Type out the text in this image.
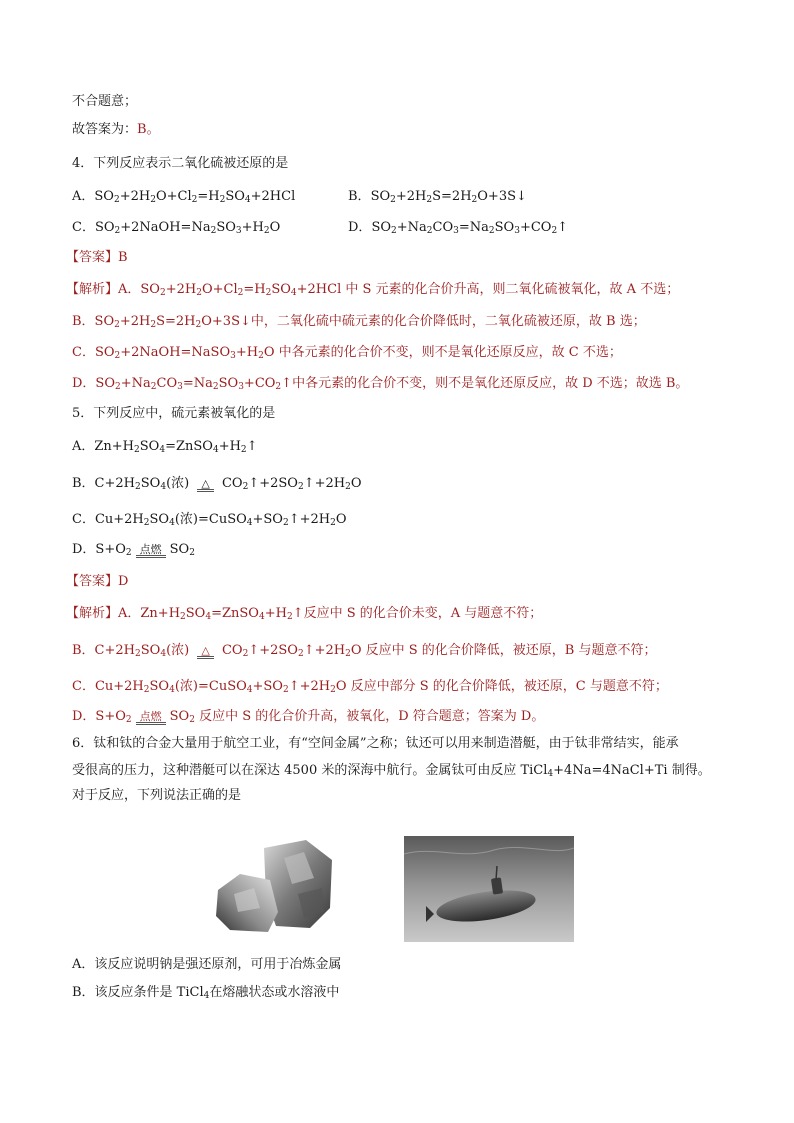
不合题意；
故答案为：B。
4．下列反应表示二氧化硫被还原的是
A．$SO_2+2H_2O+Cl_2=H_2SO_4+2HCl$	B．$SO_2+2H_2S=2H_2O+3S↓$
C．$SO_2+2NaOH=Na_2SO_3+H_2O$	D．$SO_2+Na_2CO_3=Na_2SO_3+CO_2↑$
【答案】B
【解析】A．$SO_2+2H_2O+Cl_2=H_2SO_4+2HCl$ 中 S 元素的化合价升高，则二氧化硫被氧化，故 A 不选；
B．$SO_2+2H_2S=2H_2O+3S↓$中，二氧化硫中硫元素的化合价降低时，二氧化硫被还原，故 B 选；
C．$SO_2+2NaOH=NaSO_3+H_2O$ 中各元素的化合价不变，则不是氧化还原反应，故 C 不选；
D．$SO_2+Na_2CO_3=Na_2SO_3+CO_2↑$中各元素的化合价不变，则不是氧化还原反应，故 D 不选；故选 B。
5．下列反应中，硫元素被氧化的是
A．$Zn+H_2SO_4=ZnSO_4+H_2↑$
B．$C+2H_2SO_4$(浓) △ $CO_2↑+2SO_2↑+2H_2O$
C．$Cu+2H_2SO_4$(浓)$=CuSO_4+SO_2↑+2H_2O$
D．$S+O_2$ 点燃 $SO_2$
【答案】D
【解析】A．$Zn+H_2SO_4=ZnSO_4+H_2↑$反应中 S 的化合价未变，A 与题意不符；
B．$C+2H_2SO_4$(浓) △ $CO_2↑+2SO_2↑+2H_2O$ 反应中 S 的化合价降低，被还原，B 与题意不符；
C．$Cu+2H_2SO_4$(浓)$=CuSO_4+SO_2↑+2H_2O$ 反应中部分 S 的化合价降低，被还原，C 与题意不符；
D．$S+O_2$ 点燃 $SO_2$ 反应中 S 的化合价升高，被氧化，D 符合题意；答案为 D。
6．钛和钛的合金大量用于航空工业，有“空间金属”之称；钛还可以用来制造潜艇，由于钛非常结实，能承
受很高的压力，这种潜艇可以在深达 4500 米的深海中航行。金属钛可由反应 TiCl$_4$+4Na=4NaCl+Ti 制得。
对于反应，下列说法正确的是
A．该反应说明钠是强还原剂，可用于冶炼金属
B．该反应条件是 TiCl$_4$在熔融状态或水溶液中
